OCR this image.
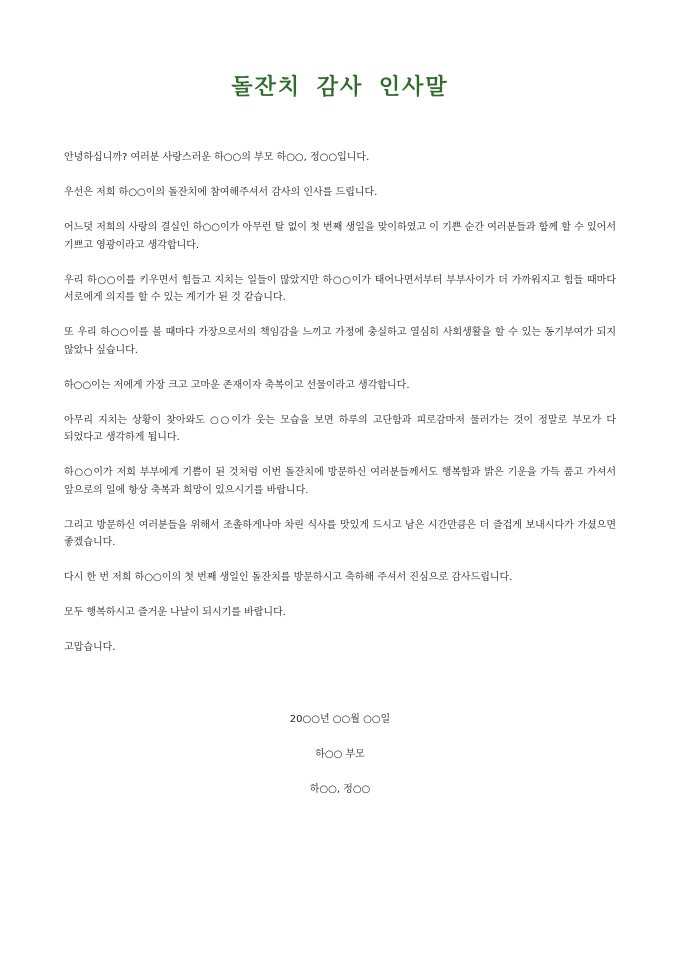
돌잔치 감사 인사말

안녕하십니까? 여러분 사랑스러운 하○○의 부모 하○○, 정○○입니다.

우선은 저희 하○○이의 돌잔치에 참여해주셔서 감사의 인사를 드립니다.

어느덧 저희의 사랑의 결실인 하○○이가 아무런 탈 없이 첫 번째 생일을 맞이하였고 이 기쁜 순간 여러분들과 함께 할 수 있어서 기쁘고 영광이라고 생각합니다.

우리 하○○이를 키우면서 힘들고 지치는 일들이 많았지만 하○○이가 태어나면서부터 부부사이가 더 가까워지고 힘들 때마다 서로에게 의지를 할 수 있는 계기가 된 것 같습니다.

또 우리 하○○이를 볼 때마다 가장으로서의 책임감을 느끼고 가정에 충실하고 열심히 사회생활을 할 수 있는 동기부여가 되지 않았나 싶습니다.

하○○이는 저에게 가장 크고 고마운 존재이자 축복이고 선물이라고 생각합니다.

아무리 지치는 상황이 찾아와도 ○○이가 웃는 모습을 보면 하루의 고단함과 피로감마저 물러가는 것이 정말로 부모가 다 되었다고 생각하게 됩니다.

하○○이가 저희 부부에게 기쁨이 된 것처럼 이번 돌잔치에 방문하신 여러분들께서도 행복함과 밝은 기운을 가득 품고 가셔서 앞으로의 일에 항상 축복과 희망이 있으시기를 바랍니다.

그리고 방문하신 여러분들을 위해서 조촐하게나마 차린 식사를 맛있게 드시고 남은 시간만큼은 더 즐겁게 보내시다가 가셨으면 좋겠습니다.

다시 한 번 저희 하○○이의 첫 번째 생일인 돌잔치를 방문하시고 축하해 주셔서 진심으로 감사드립니다.

모두 행복하시고 즐거운 나날이 되시기를 바랍니다.

고맙습니다.

20○○년 ○○월 ○○일
하○○ 부모
하○○, 정○○
